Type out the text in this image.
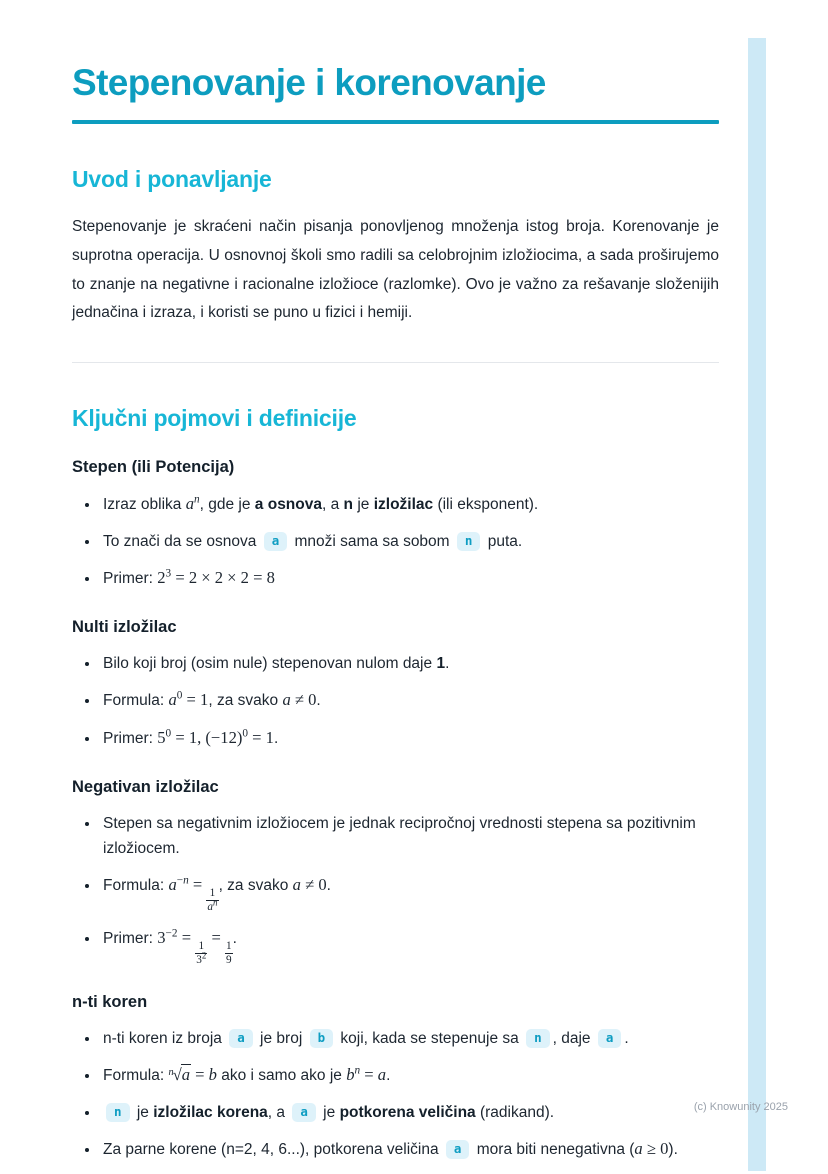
Stepenovanje i korenovanje
Uvod i ponavljanje

Stepenovanje je skraćeni način pisanja ponovljenog množenja istog broja. Korenovanje je suprotna operacija. U osnovnoj školi smo radili sa celobrojnim izložiocima, a sada proširujemo to znanje na negativne i racionalne izložioce (razlomke). Ovo je važno za rešavanje složenijih jednačina i izraza, i koristi se puno u fizici i hemiji.

Ključni pojmovi i definicije
Stepen (ili Potencija)
• Izraz oblika $a^n$, gde je a osnova, a n je izložilac (ili eksponent).
• To znači da se osnova a množi sama sa sobom n puta.
• Primer: $2^3 = 2 \times 2 \times 2 = 8$
Nulti izložilac
• Bilo koji broj (osim nule) stepenovan nulom daje 1.
• Formula: $a^0 = 1$, za svako a ≠ 0.
• Primer: $5^0 = 1$, $(-12)^0 = 1$.
Negativan izložilac
• Stepen sa negativnim izložiocem je jednak recipročnoj vrednosti stepena sa pozitivnim izložiocem.
• Formula: $a^{-n}$ =
$\frac{1}{a^n}$
, za svako a ≠ 0.
• Primer: $3^{-2}$ =
$\frac{1}{3^2}$
=
$\frac{1}{9}$
.
n-ti koren
• n-ti koren iz broja a je broj b koji, kada se stepenuje sa n , daje a .
• Formula: $^n$√a = b ako i samo ako je $b^n = a$.
• n je izložilac korena, a a je potkorena veličina (radikand).
• Za parne korene (n=2, 4, 6...), potkorena veličina a mora biti nenegativna (a ≥ 0).
(c) Knowunity 2025
